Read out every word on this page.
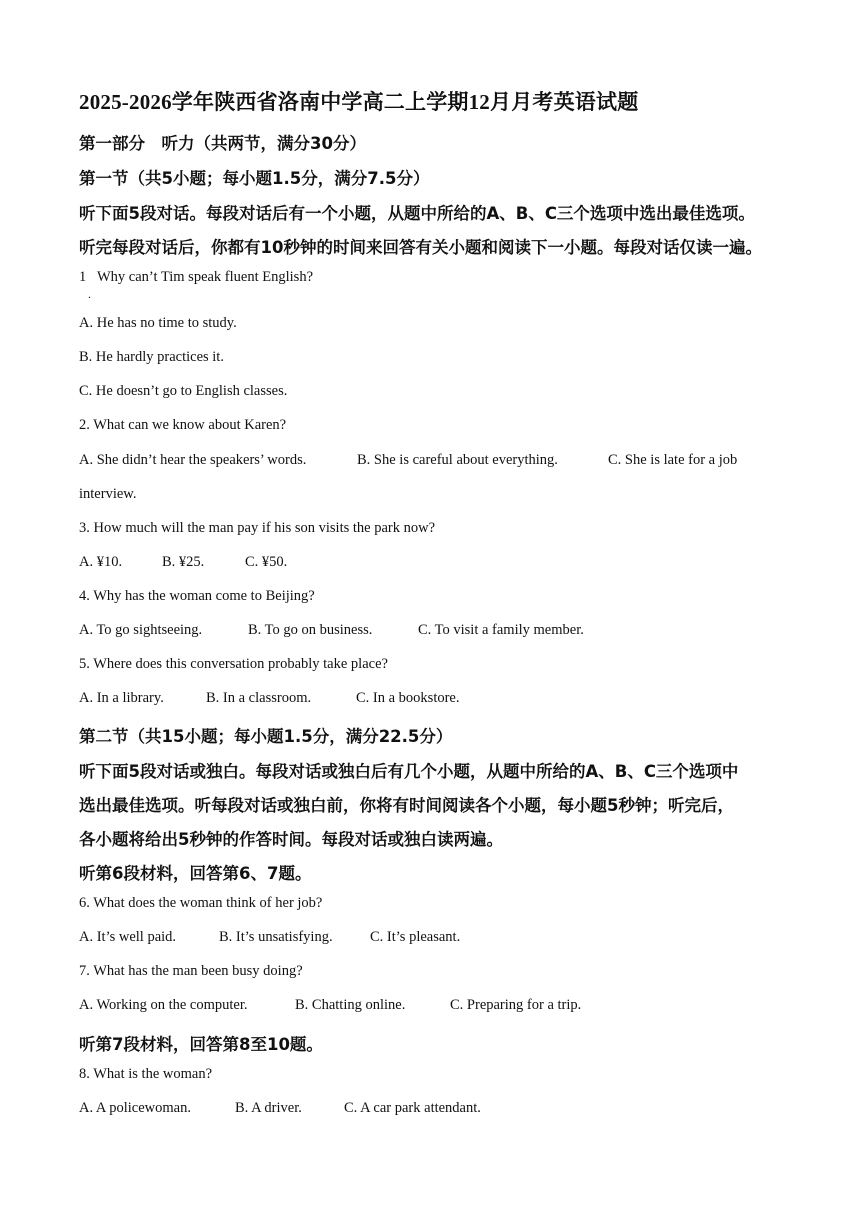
2025-2026学年陕西省洛南中学高二上学期12月月考英语试题
第一部分　听力（共两节，满分30分）
第一节（共5小题；每小题1.5分，满分7.5分）
听下面5段对话。每段对话后有一个小题，从题中所给的A、B、C三个选项中选出最佳选项。
听完每段对话后，你都有10秒钟的时间来回答有关小题和阅读下一小题。每段对话仅读一遍。
1 Why can’t Tim speak fluent English?
.
A. He has no time to study.
B. He hardly practices it.
C. He doesn’t go to English classes.
2. What can we know about Karen?
A. She didn’t hear the speakers’ words.	B. She is careful about everything.	C. She is late for a job
interview.
3. How much will the man pay if his son visits the park now?
A. ¥10.	B. ¥25.	C. ¥50.
4. Why has the woman come to Beijing?
A. To go sightseeing.	B. To go on business.	C. To visit a family member.
5. Where does this conversation probably take place?
A. In a library.	B. In a classroom.	C. In a bookstore.
第二节（共15小题；每小题1.5分，满分22.5分）
听下面5段对话或独白。每段对话或独白后有几个小题，从题中所给的A、B、C三个选项中
选出最佳选项。听每段对话或独白前，你将有时间阅读各个小题，每小题5秒钟；听完后，
各小题将给出5秒钟的作答时间。每段对话或独白读两遍。
听第6段材料，回答第6、7题。
6. What does the woman think of her job?
A. It’s well paid.	B. It’s unsatisfying.	C. It’s pleasant.
7. What has the man been busy doing?
A. Working on the computer.	B. Chatting online.	C. Preparing for a trip.
听第7段材料，回答第8至10题。
8. What is the woman?
A. A policewoman.	B. A driver.	C. A car park attendant.
